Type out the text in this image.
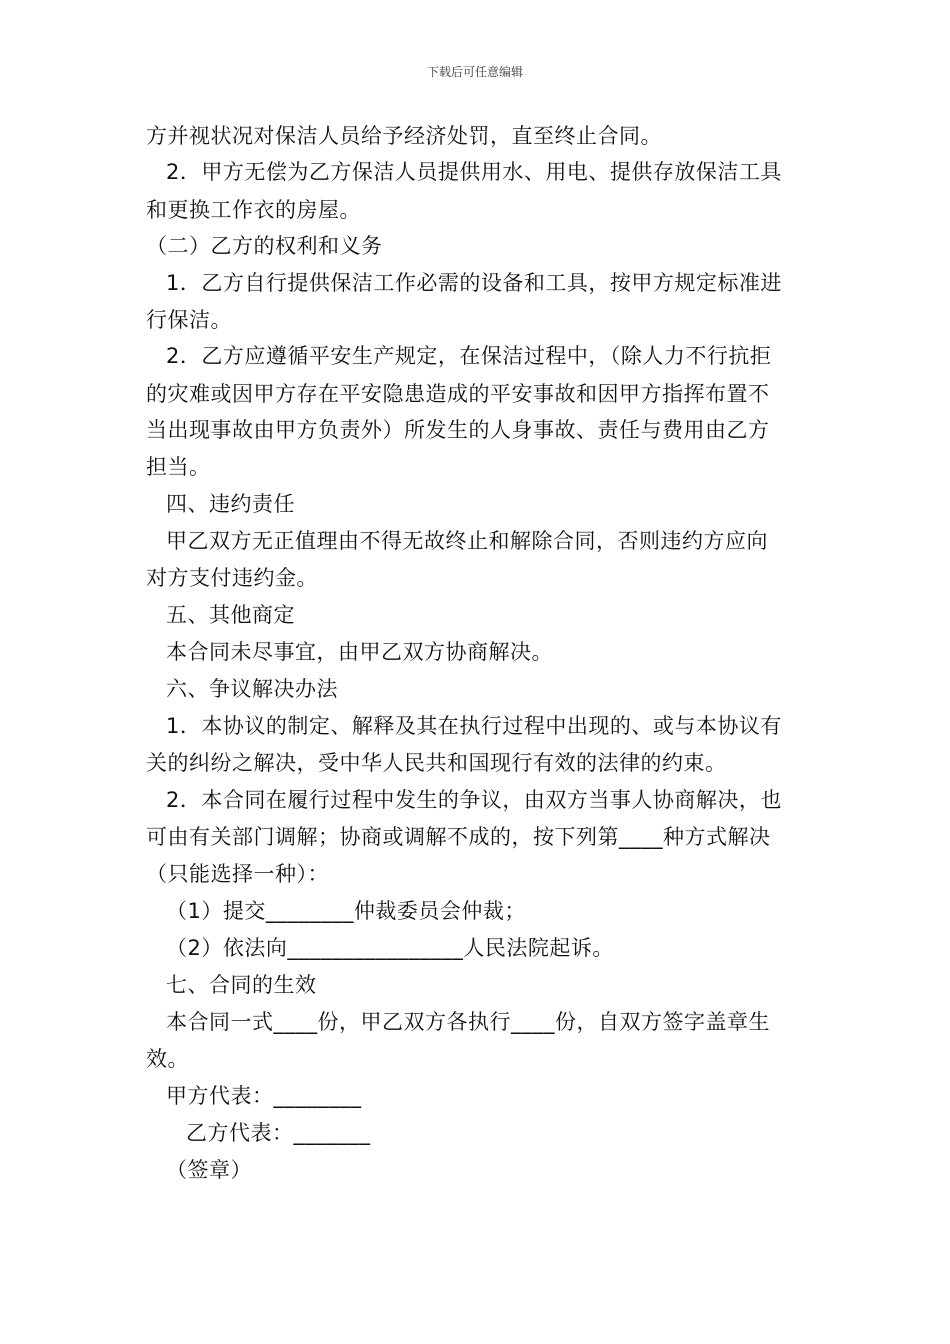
下载后可任意编辑
方并视状况对保洁人员给予经济处罚，直至终止合同。
2．甲方无偿为乙方保洁人员提供用水、用电、提供存放保洁工具
和更换工作衣的房屋。
（二）乙方的权利和义务
1．乙方自行提供保洁工作必需的设备和工具，按甲方规定标准进
行保洁。
2．乙方应遵循平安生产规定，在保洁过程中，（除人力不行抗拒
的灾难或因甲方存在平安隐患造成的平安事故和因甲方指挥布置不
当出现事故由甲方负责外）所发生的人身事故、责任与费用由乙方
担当。
四、违约责任
甲乙双方无正值理由不得无故终止和解除合同，否则违约方应向
对方支付违约金。
五、其他商定
本合同未尽事宜，由甲乙双方协商解决。
六、争议解决办法
1．本协议的制定、解释及其在执行过程中出现的、或与本协议有
关的纠纷之解决，受中华人民共和国现行有效的法律的约束。
2．本合同在履行过程中发生的争议，由双方当事人协商解决，也
可由有关部门调解；协商或调解不成的，按下列第____种方式解决
（只能选择一种）：
（1）提交________仲裁委员会仲裁；
（2）依法向________________人民法院起诉。
七、合同的生效
本合同一式____份，甲乙双方各执行____份，自双方签字盖章生
效。
甲方代表：________
乙方代表：_______
（签章）
